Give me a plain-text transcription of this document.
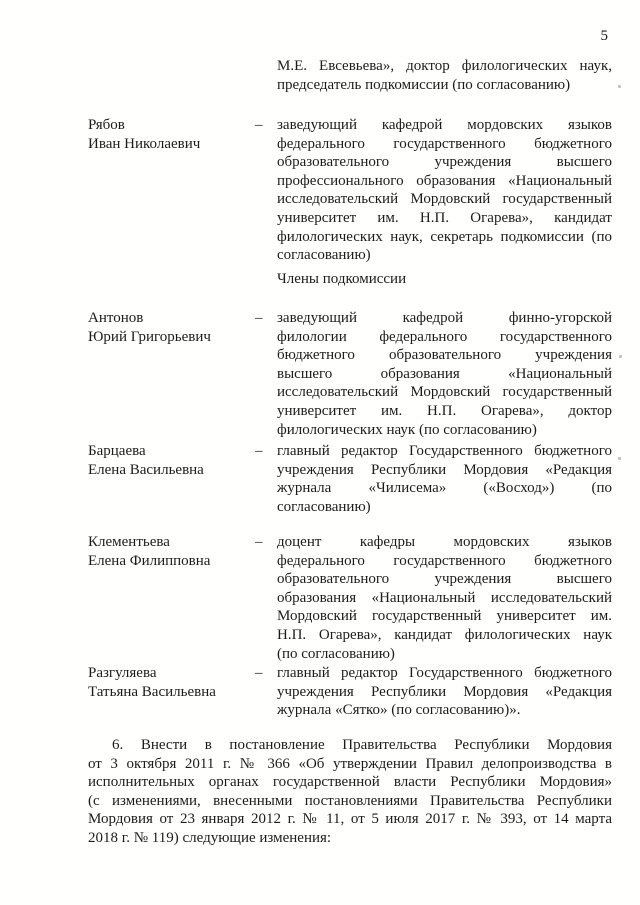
5
М.Е. Евсевьева», доктор филологических наук,
председатель подкомиссии (по согласованию)
Рябов
Иван Николаевич
– заведующий кафедрой мордовских языков
федерального государственного бюджетного
образовательного учреждения высшего
профессионального образования «Национальный
исследовательский Мордовский государственный
университет им. Н.П. Огарева», кандидат
филологических наук, секретарь подкомиссии (по
согласованию)
Члены подкомиссии
Антонов
Юрий Григорьевич
– заведующий кафедрой финно-угорской
филологии федерального государственного
бюджетного образовательного учреждения
высшего образования «Национальный
исследовательский Мордовский государственный
университет им. Н.П. Огарева», доктор
филологических наук (по согласованию)
Барцаева
Елена Васильевна
– главный редактор Государственного бюджетного
учреждения Республики Мордовия «Редакция
журнала «Чилисема» («Восход») (по
согласованию)
Клементьева
Елена Филипповна
– доцент кафедры мордовских языков
федерального государственного бюджетного
образовательного учреждения высшего
образования «Национальный исследовательский
Мордовский государственный университет им.
Н.П. Огарева», кандидат филологических наук
(по согласованию)
Разгуляева
Татьяна Васильевна
– главный редактор Государственного бюджетного
учреждения Республики Мордовия «Редакция
журнала «Сятко» (по согласованию)».
6. Внести в постановление Правительства Республики Мордовия
от 3 октября 2011 г. № 366 «Об утверждении Правил делопроизводства в
исполнительных органах государственной власти Республики Мордовия»
(с изменениями, внесенными постановлениями Правительства Республики
Мордовия от 23 января 2012 г. № 11, от 5 июля 2017 г. № 393, от 14 марта
2018 г. № 119) следующие изменения:
